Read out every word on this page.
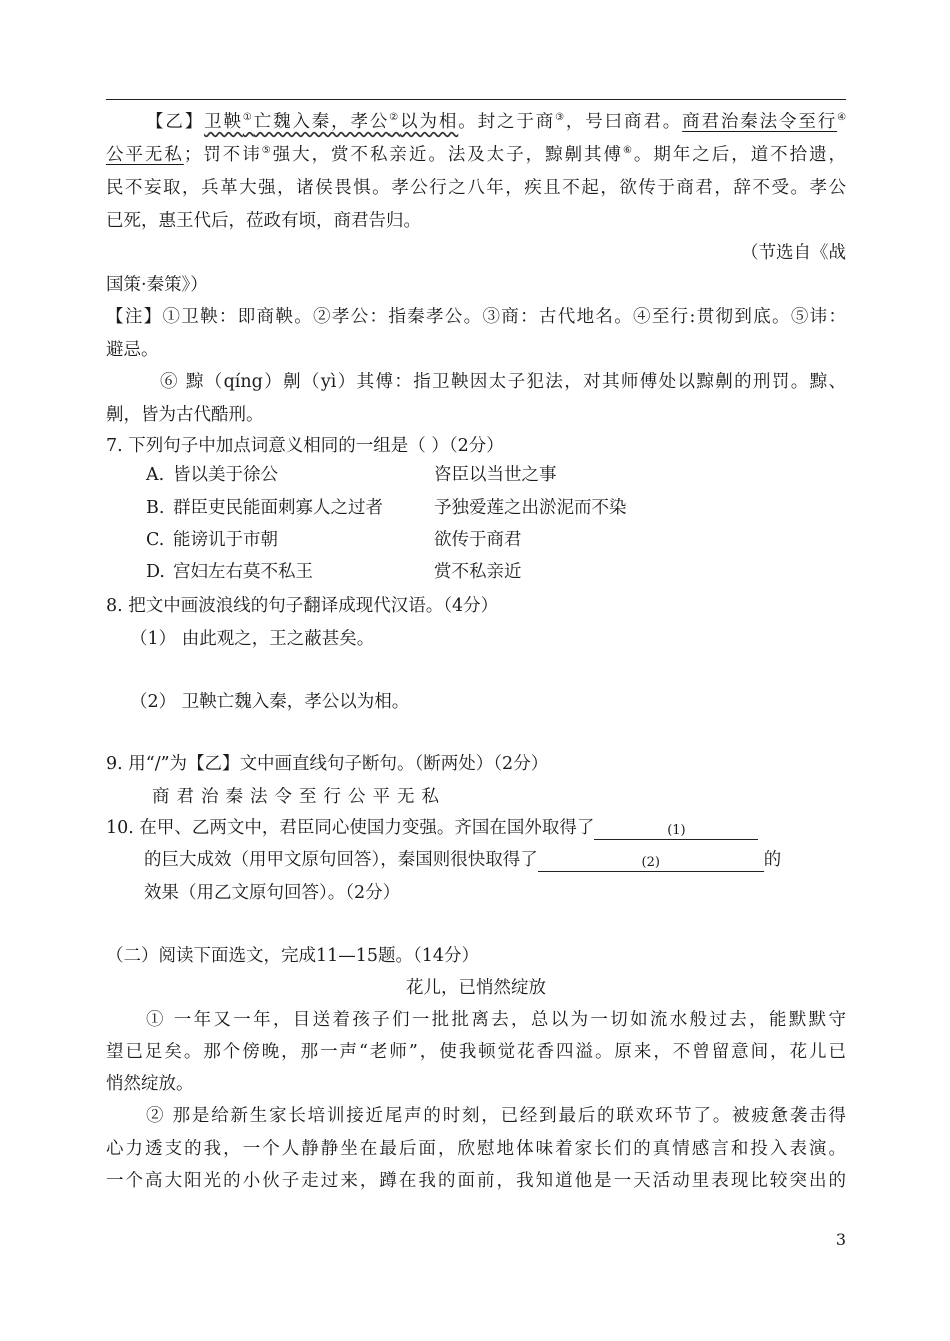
【乙】卫鞅①亡魏入秦，孝公②以为相。封之于商③，号曰商君。商君治秦法令至行④
公平无私；罚不讳⑤强大，赏不私亲近。法及太子，黥劓其傅⑥。期年之后，道不拾遗，
民不妄取，兵革大强，诸侯畏惧。孝公行之八年，疾且不起，欲传于商君，辞不受。孝公
已死，惠王代后，莅政有顷，商君告归。
（节选自《战
国策·秦策》）
【注】①卫鞅：即商鞅。②孝公：指秦孝公。③商：古代地名。④至行:贯彻到底。⑤讳：
避忌。
⑥ 黥（qíng）劓（yì）其傅：指卫鞅因太子犯法，对其师傅处以黥劓的刑罚。黥、
劓，皆为古代酷刑。
7. 下列句子中加点词意义相同的一组是（ ）（2分）
A. 皆以美于徐公	咨臣以当世之事
B. 群臣吏民能面刺寡人之过者	予独爱莲之出淤泥而不染
C. 能谤讥于市朝	欲传于商君
D. 宫妇左右莫不私王	赏不私亲近
8. 把文中画波浪线的句子翻译成现代汉语。（4分）
（1） 由此观之，王之蔽甚矣。
（2） 卫鞅亡魏入秦，孝公以为相。
9. 用“/”为【乙】文中画直线句子断句。（断两处）（2分）
商君治秦法令至行公平无私
10. 在甲、乙两文中，君臣同心使国力变强。齐国在国外取得了	(1)
的巨大成效（用甲文原句回答），秦国则很快取得了	(2)	的
效果（用乙文原句回答）。（2分）
（二）阅读下面选文，完成11—15题。（14分）
花儿，已悄然绽放
① 一年又一年，目送着孩子们一批批离去，总以为一切如流水般过去，能默默守
望已足矣。那个傍晚，那一声“老师”，使我顿觉花香四溢。原来，不曾留意间，花儿已
悄然绽放。
② 那是给新生家长培训接近尾声的时刻，已经到最后的联欢环节了。被疲惫袭击得
心力透支的我，一个人静静坐在最后面，欣慰地体味着家长们的真情感言和投入表演。
一个高大阳光的小伙子走过来，蹲在我的面前，我知道他是一天活动里表现比较突出的
3
